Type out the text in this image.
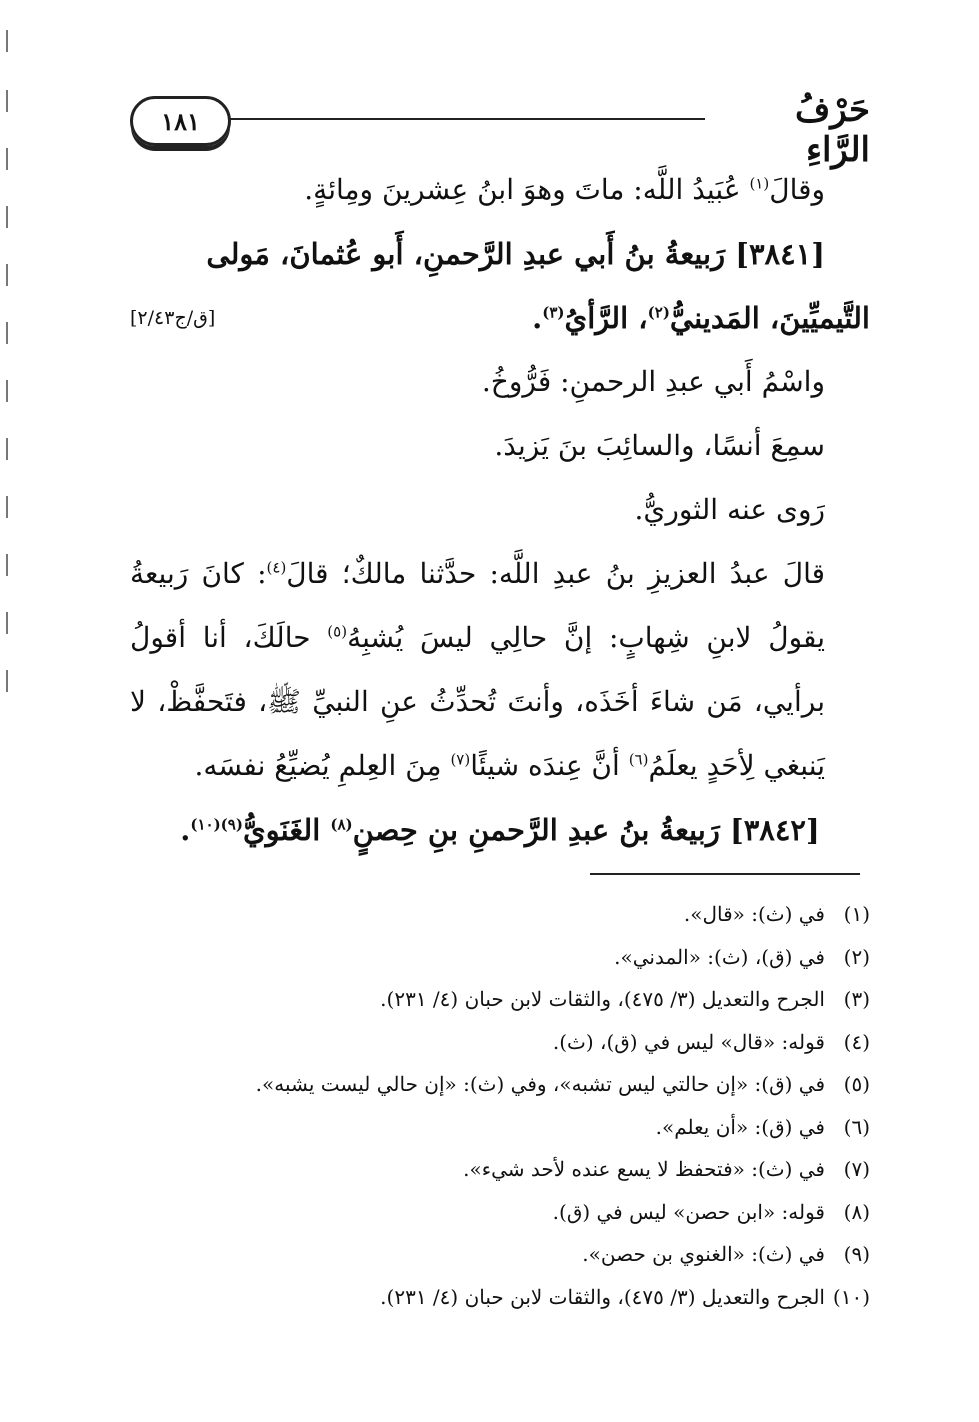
١٨١	حَرْفُ الرَّاءِ

وقالَ$^{(١)}$ عُبَيدُ اللَّه: ماتَ وهوَ ابنُ عِشرينَ ومِائةٍ.

[٣٨٤١] رَبيعةُ بنُ أَبي عبدِ الرَّحمنِ، أَبو عُثمانَ، مَولى
[ق/ج٢/٤٣]	التَّيميِّينَ، المَدينيُّ$^{(٢)}$، الرَّأيُ$^{(٣)}$.

واسْمُ أَبي عبدِ الرحمنِ: فَرُّوخُ.

سمِعَ أنسًا، والسائِبَ بنَ يَزيدَ.

رَوى عنه الثوريُّ.

قالَ عبدُ العزيزِ بنُ عبدِ اللَّه: حدَّثنا مالكٌ؛ قالَ$^{(٤)}$: كانَ رَبيعةُ يقولُ لابنِ شِهابٍ: إنَّ حالِي ليسَ يُشبِهُ$^{(٥)}$ حالَكَ، أنا أقولُ برأيي، مَن شاءَ أخَذَه، وأنتَ تُحدِّثُ عنِ النبيِّ ﷺ، فتَحفَّظْ، لا يَنبغي لِأحَدٍ يعلَمُ$^{(٦)}$ أنَّ عِندَه شيئًا$^{(٧)}$ مِنَ العِلمِ يُضيِّعُ نفسَه.

[٣٨٤٢] رَبيعةُ بنُ عبدِ الرَّحمنِ بنِ حِصنٍ$^{(٨)}$ الغَنَويُّ$^{(٩)(١٠)}$.

(١)
في (ث): «قال».
(٢)
في (ق)، (ث): «المدني».
(٣)
الجرح والتعديل (٣/ ٤٧٥)، والثقات لابن حبان (٤/ ٢٣١).
(٤)
قوله: «قال» ليس في (ق)، (ث).
(٥)
في (ق): «إن حالتي ليس تشبه»، وفي (ث): «إن حالي ليست يشبه».
(٦)
في (ق): «أن يعلم».
(٧)
في (ث): «فتحفظ لا يسع عنده لأحد شيء».
(٨)
قوله: «ابن حصن» ليس في (ق).
(٩)
في (ث): «الغنوي بن حصن».
(١٠)
الجرح والتعديل (٣/ ٤٧٥)، والثقات لابن حبان (٤/ ٢٣١).
